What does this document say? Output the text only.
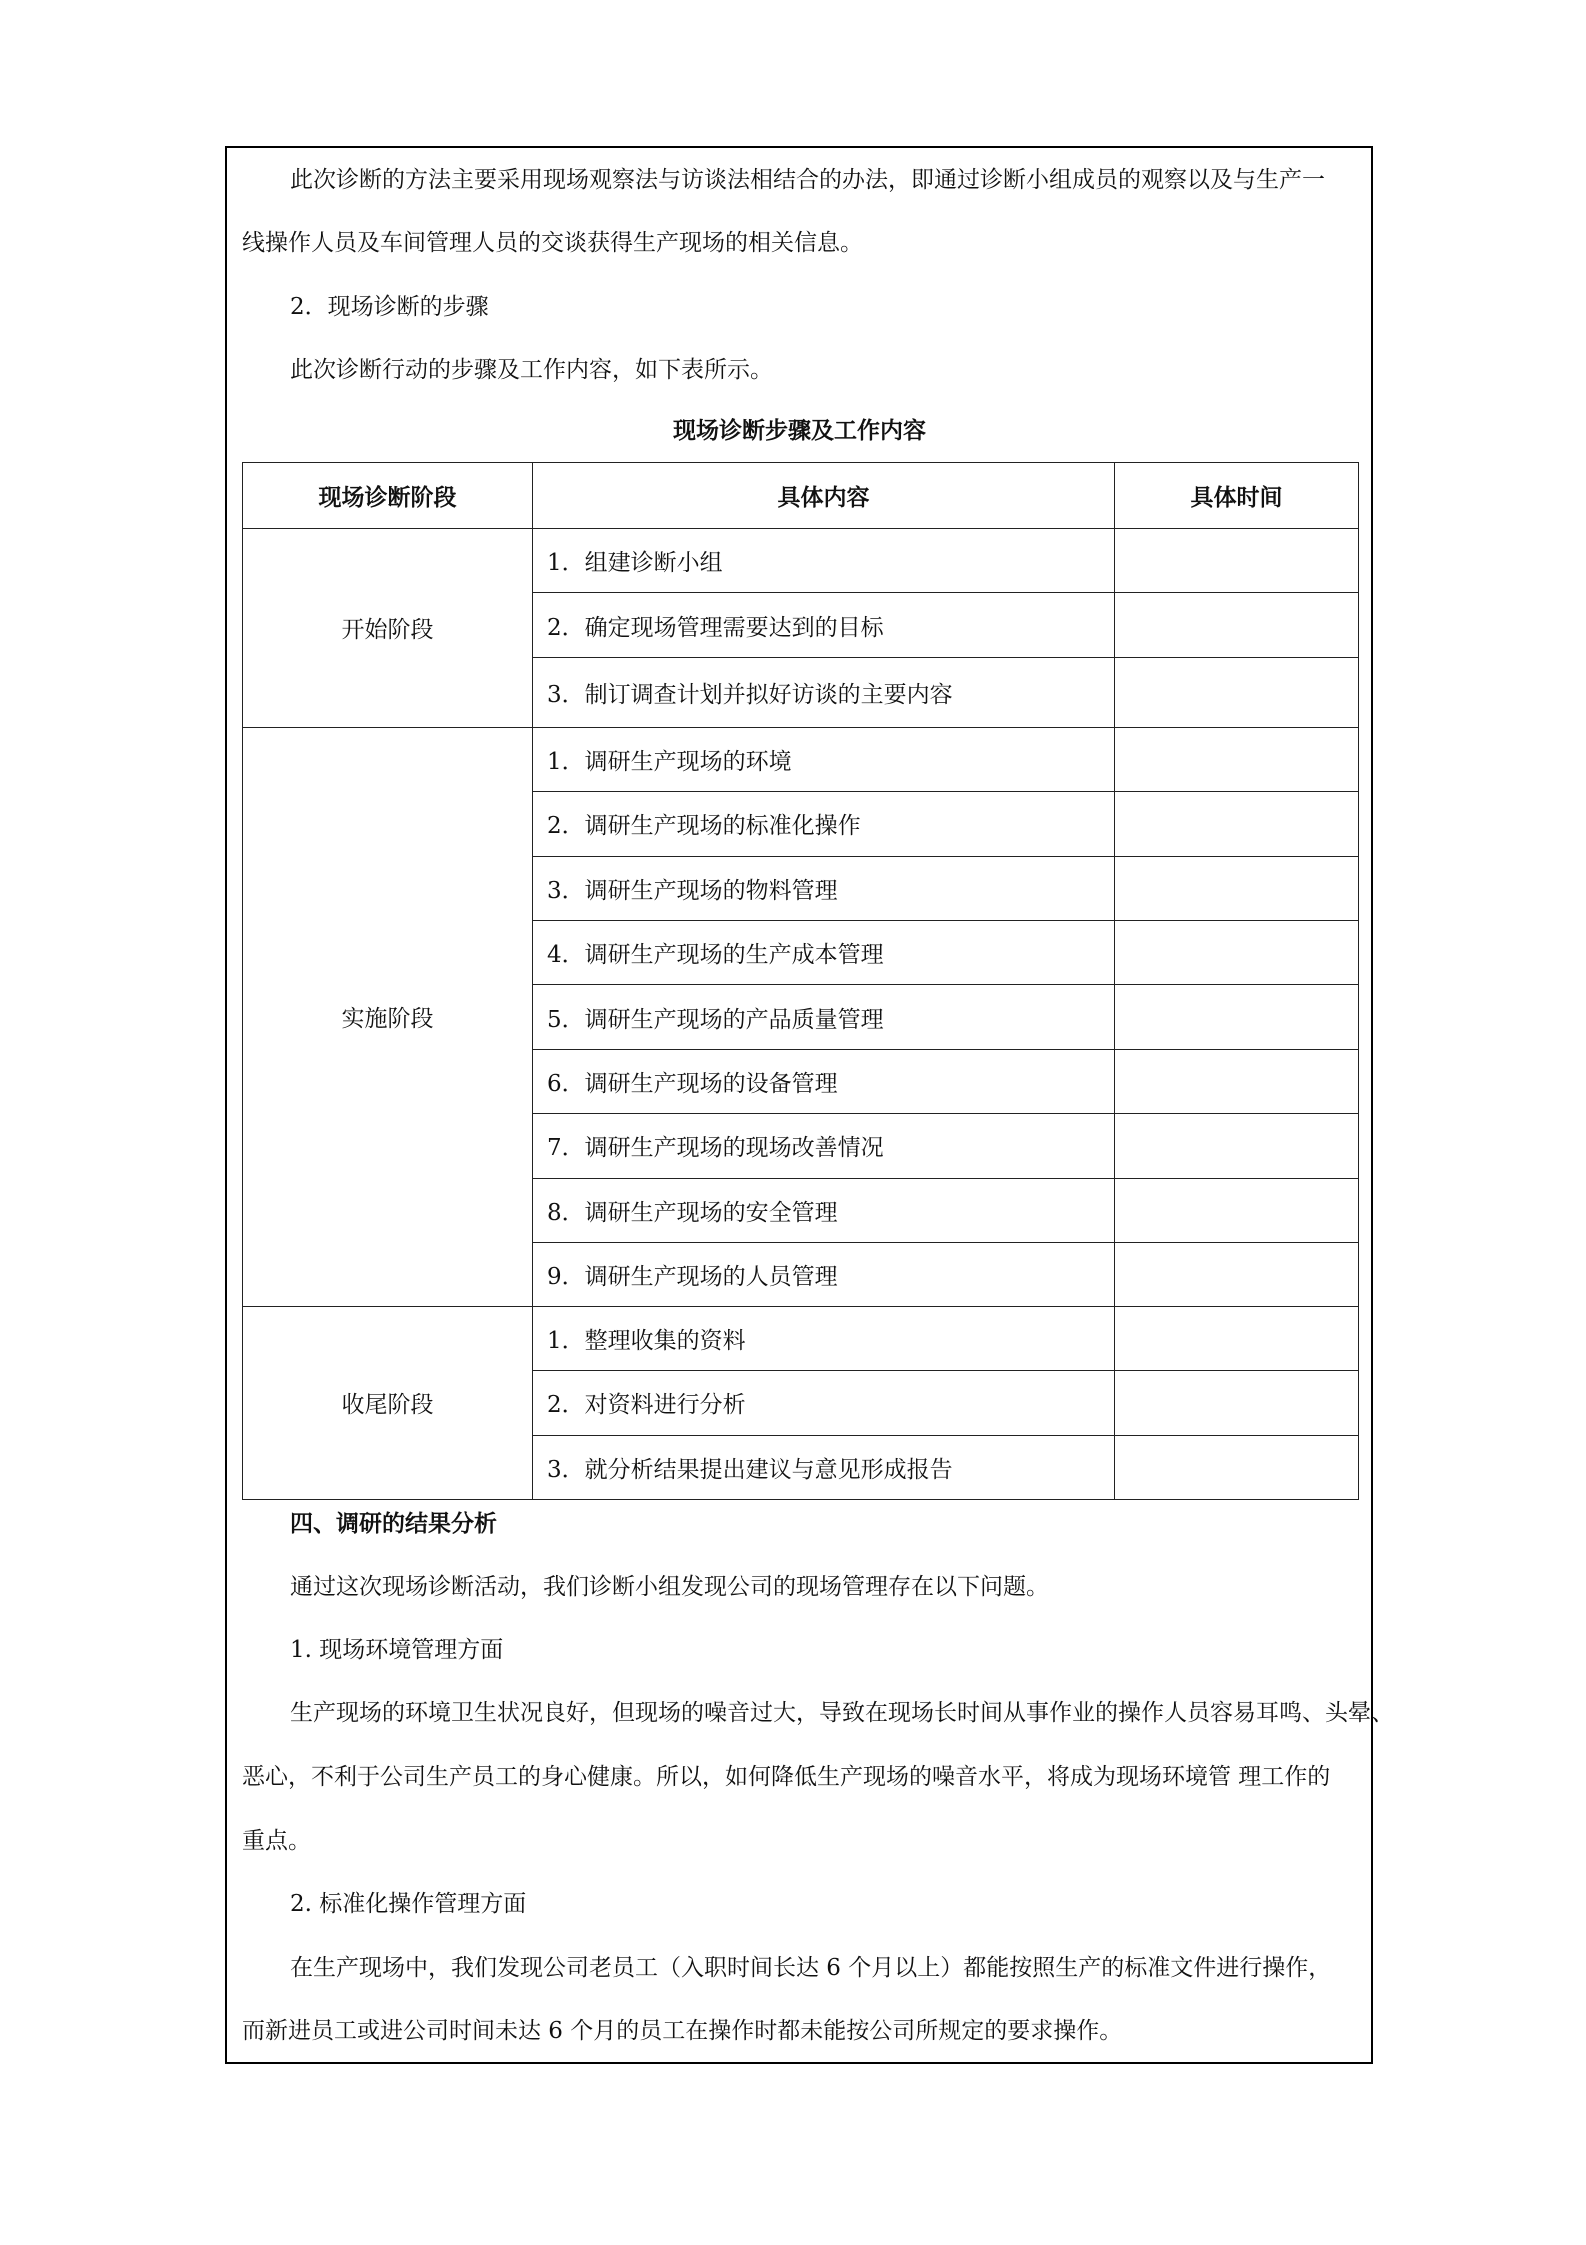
此次诊断的方法主要采用现场观察法与访谈法相结合的办法，即通过诊断小组成员的观察以及与生产一

线操作人员及车间管理人员的交谈获得生产现场的相关信息。

2．现场诊断的步骤

此次诊断行动的步骤及工作内容，如下表所示。

现场诊断步骤及工作内容
现场诊断阶段	具体内容	具体时间
开始阶段	1．组建诊断小组	
	2．确定现场管理需要达到的目标	
	3．制订调查计划并拟好访谈的主要内容	
实施阶段	1．调研生产现场的环境	
	2．调研生产现场的标准化操作	
	3．调研生产现场的物料管理	
	4．调研生产现场的生产成本管理	
	5．调研生产现场的产品质量管理	
	6．调研生产现场的设备管理	
	7．调研生产现场的现场改善情况	
	8．调研生产现场的安全管理	
	9．调研生产现场的人员管理	
收尾阶段	1．整理收集的资料	
	2．对资料进行分析	
	3．就分析结果提出建议与意见形成报告	

四、调研的结果分析

通过这次现场诊断活动，我们诊断小组发现公司的现场管理存在以下问题。

1. 现场环境管理方面

生产现场的环境卫生状况良好，但现场的噪音过大，导致在现场长时间从事作业的操作人员容易耳鸣、头晕、

恶心，不利于公司生产员工的身心健康。所以，如何降低生产现场的噪音水平，将成为现场环境管 理工作的

重点。

2. 标准化操作管理方面

在生产现场中，我们发现公司老员工（入职时间长达 6 个月以上）都能按照生产的标准文件进行操作，

而新进员工或进公司时间未达 6 个月的员工在操作时都未能按公司所规定的要求操作。
